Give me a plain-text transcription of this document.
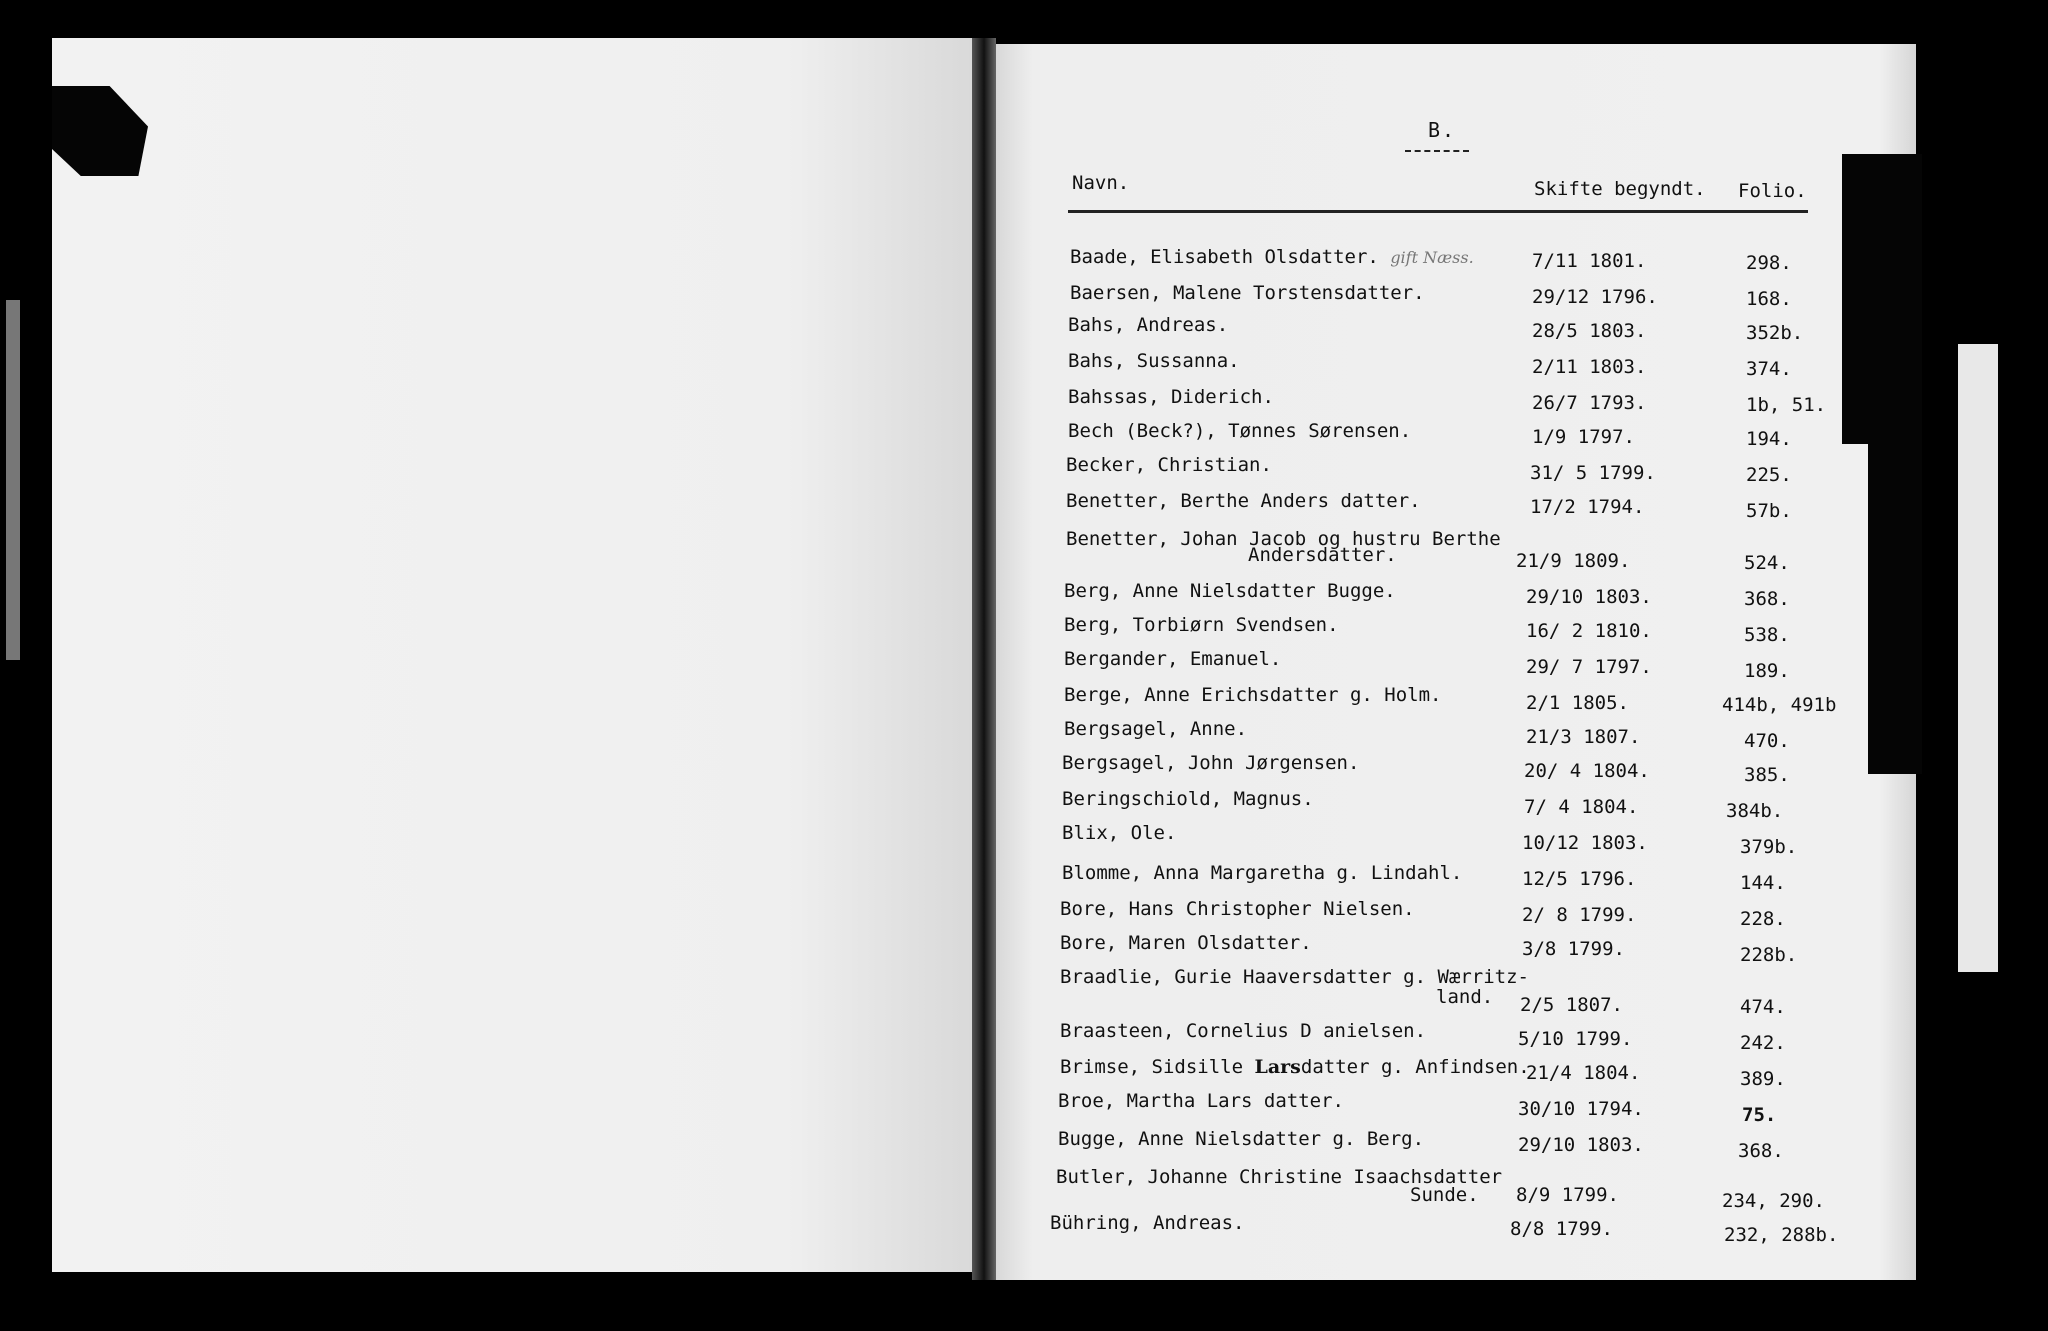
B.
Navn.	Skifte begyndt. Folio.
Baade, Elisabeth Olsdatter. gift Næss.	7/11 1801.	298.
Baersen, Malene Torstensdatter.	29/12 1796.	168.
Bahs, Andreas.	28/5 1803.	352b.
Bahs, Sussanna.	2/11 1803.	374.
Bahssas, Diderich.	26/7 1793.	1b, 51.
Bech (Beck?), Tønnes Sørensen.	1/9 1797.	194.
Becker, Christian.	31/ 5 1799.	225.
Benetter, Berthe Anders datter.	17/2 1794.	57b.
Benetter, Johan Jacob og hustru Berthe
Andersdatter.	21/9 1809.	524.
Berg, Anne Nielsdatter Bugge.	29/10 1803.	368.
Berg, Torbiørn Svendsen.	16/ 2 1810.	538.
Bergander, Emanuel.	29/ 7 1797.	189.
Berge, Anne Erichsdatter g. Holm.	2/1 1805.	414b, 491b
Bergsagel, Anne.	21/3 1807.	470.
Bergsagel, John Jørgensen.	20/ 4 1804.	385.
Beringschiold, Magnus.	7/ 4 1804.	384b.
Blix, Ole.	10/12 1803.	379b.
Blomme, Anna Margaretha g. Lindahl.	12/5 1796.	144.
Bore, Hans Christopher Nielsen.	2/ 8 1799.	228.
Bore, Maren Olsdatter.	3/8 1799.	228b.
Braadlie, Gurie Haaversdatter g. Wærritz-
land. 2/5 1807.	474.
Braasteen, Cornelius D anielsen.	5/10 1799.	242.
Brimse, Sidsille Larsdatter g. Anfindsen.
21/4 1804.	389.
Broe, Martha Lars datter.	30/10 1794.	75.
Bugge, Anne Nielsdatter g. Berg.	29/10 1803.	368.
Butler, Johanne Christine Isaachsdatter
Sunde. 8/9 1799.	234, 290.
Bühring, Andreas.	8/8 1799.	232, 288b.
